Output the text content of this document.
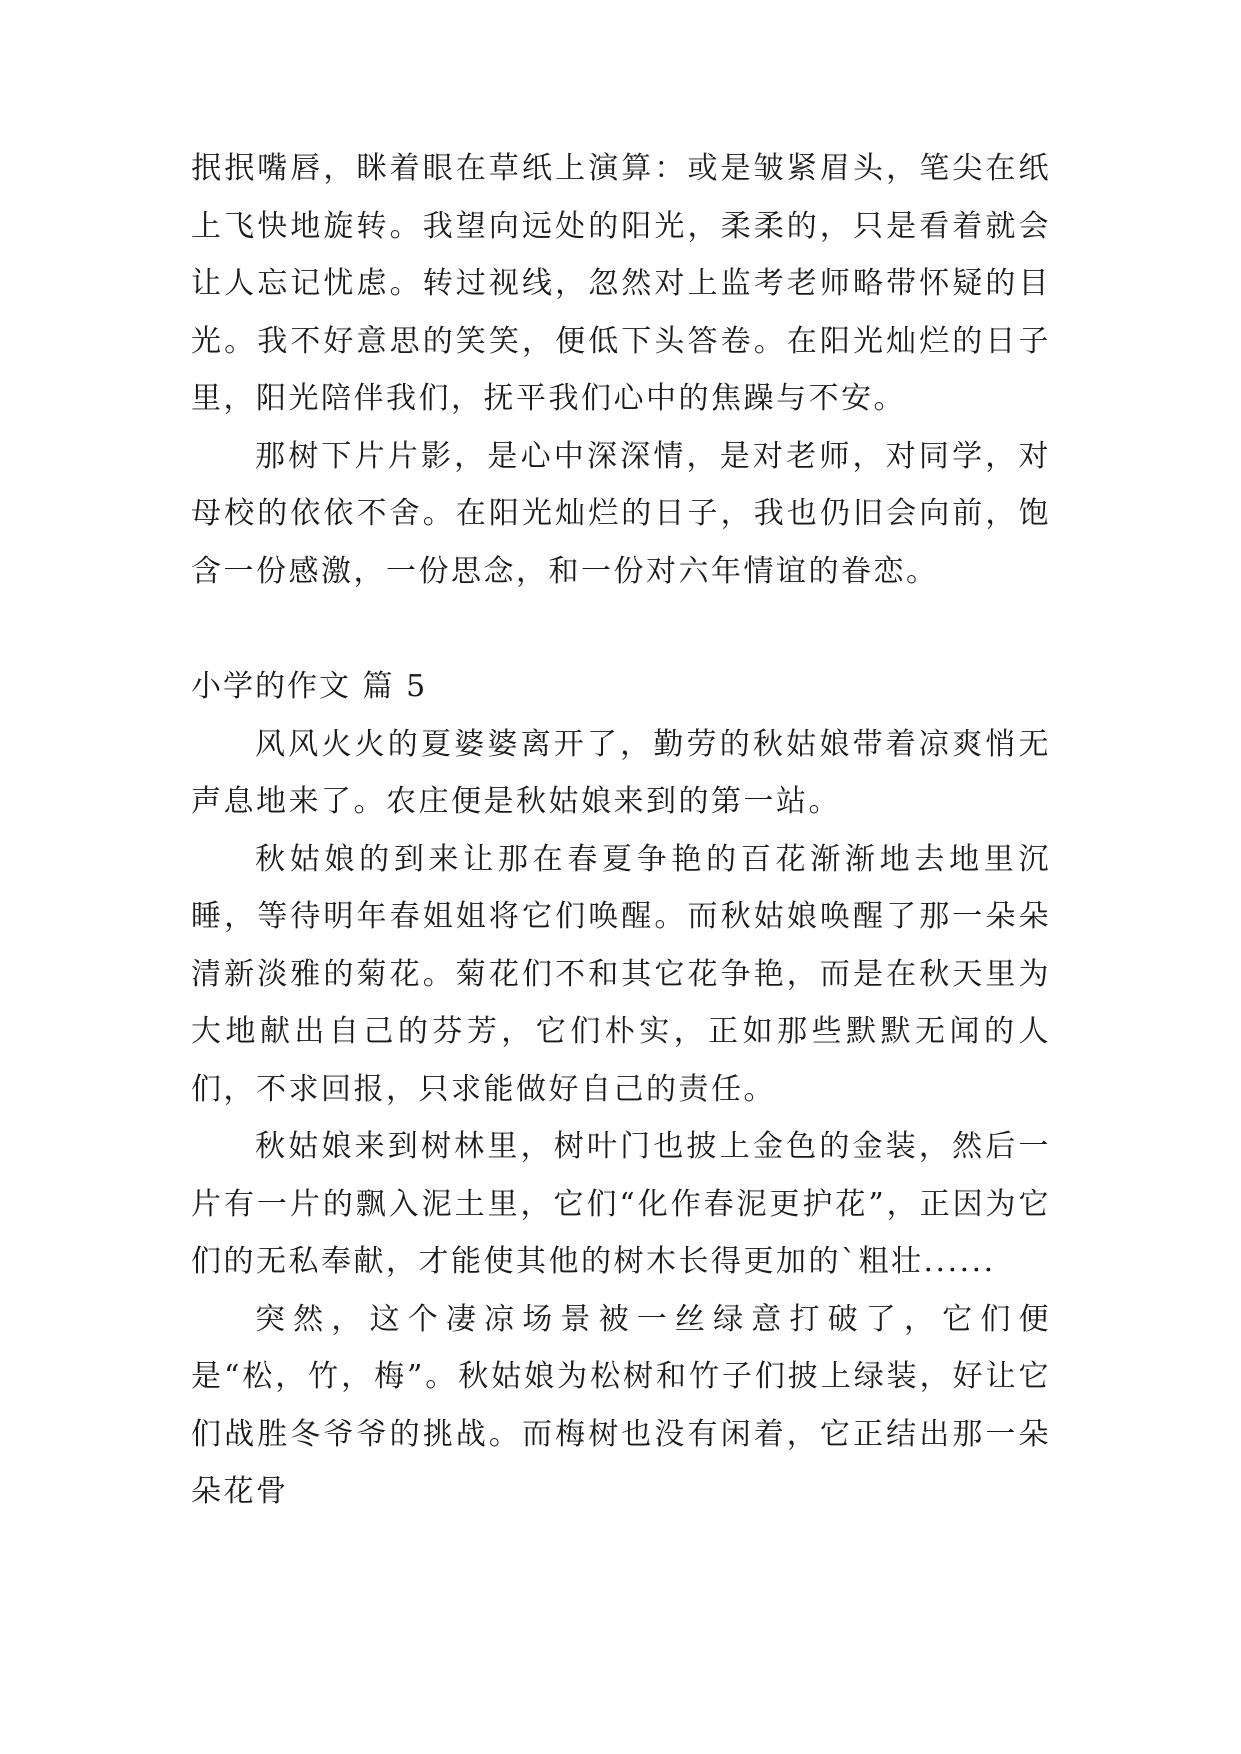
抿抿嘴唇，眯着眼在草纸上演算：或是皱紧眉头，笔尖在纸上飞快地旋转。我望向远处的阳光，柔柔的，只是看着就会让人忘记忧虑。转过视线，忽然对上监考老师略带怀疑的目光。我不好意思的笑笑，便低下头答卷。在阳光灿烂的日子里，阳光陪伴我们，抚平我们心中的焦躁与不安。

那树下片片影，是心中深深情，是对老师，对同学，对母校的依依不舍。在阳光灿烂的日子，我也仍旧会向前，饱含一份感激，一份思念，和一份对六年情谊的眷恋。

小学的作文 篇 5

风风火火的夏婆婆离开了，勤劳的秋姑娘带着凉爽悄无声息地来了。农庄便是秋姑娘来到的第一站。

秋姑娘的到来让那在春夏争艳的百花渐渐地去地里沉睡，等待明年春姐姐将它们唤醒。而秋姑娘唤醒了那一朵朵清新淡雅的菊花。菊花们不和其它花争艳，而是在秋天里为大地献出自己的芬芳，它们朴实，正如那些默默无闻的人们，不求回报，只求能做好自己的责任。

秋姑娘来到树林里，树叶门也披上金色的金装，然后一片有一片的飘入泥土里，它们“化作春泥更护花”，正因为它们的无私奉献，才能使其他的树木长得更加的`粗壮......

突然，这个凄凉场景被一丝绿意打破了，它们便是“松，竹，梅”。秋姑娘为松树和竹子们披上绿装，好让它们战胜冬爷爷的挑战。而梅树也没有闲着，它正结出那一朵朵花骨
